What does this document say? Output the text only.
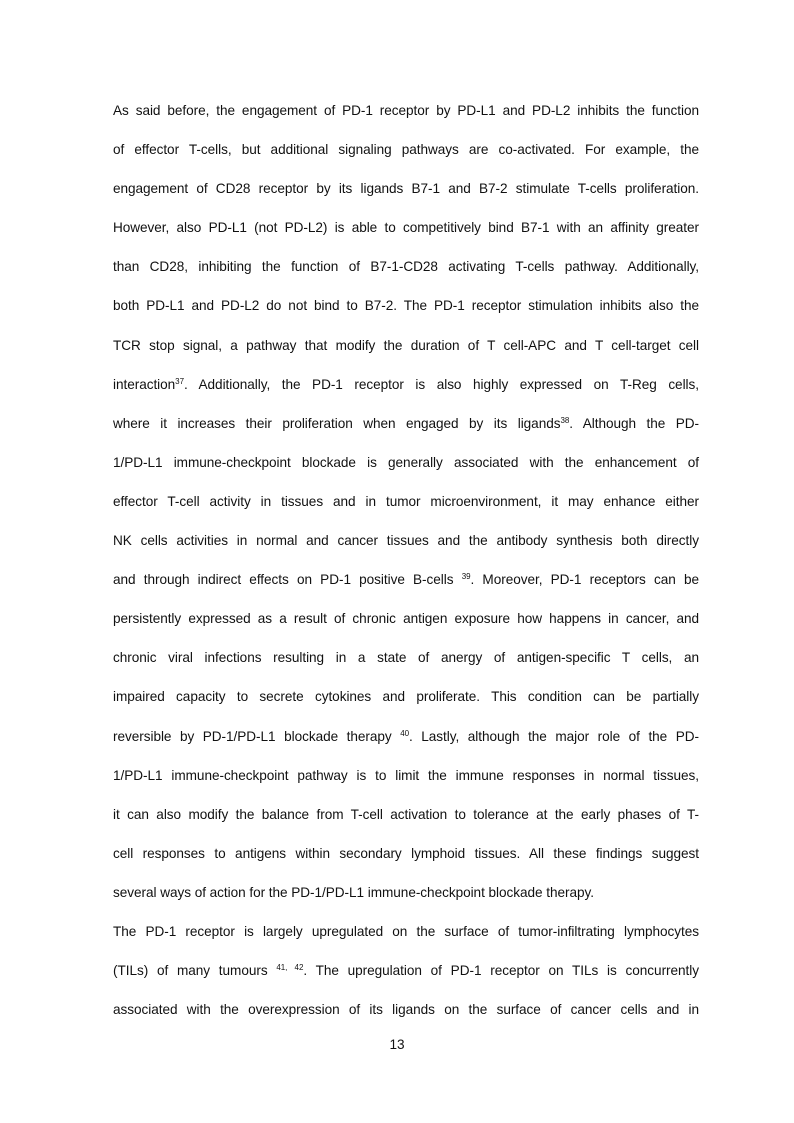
As said before, the engagement of PD-1 receptor by PD-L1 and PD-L2 inhibits the function
of effector T-cells, but additional signaling pathways are co-activated. For example, the
engagement of CD28 receptor by its ligands B7-1 and B7-2 stimulate T-cells proliferation.
However, also PD-L1 (not PD-L2) is able to competitively bind B7-1 with an affinity greater
than CD28, inhibiting the function of B7-1-CD28 activating T-cells pathway. Additionally,
both PD-L1 and PD-L2 do not bind to B7-2. The PD-1 receptor stimulation inhibits also the
TCR stop signal, a pathway that modify the duration of T cell-APC and T cell-target cell
interaction$^{37}$. Additionally, the PD-1 receptor is also highly expressed on T-Reg cells,
where it increases their proliferation when engaged by its ligands$^{38}$. Although the PD-
1/PD-L1 immune-checkpoint blockade is generally associated with the enhancement of
effector T-cell activity in tissues and in tumor microenvironment, it may enhance either
NK cells activities in normal and cancer tissues and the antibody synthesis both directly
and through indirect effects on PD-1 positive B-cells $^{39}$. Moreover, PD-1 receptors can be
persistently expressed as a result of chronic antigen exposure how happens in cancer, and
chronic viral infections resulting in a state of anergy of antigen-specific T cells, an
impaired capacity to secrete cytokines and proliferate. This condition can be partially
reversible by PD-1/PD-L1 blockade therapy $^{40}$. Lastly, although the major role of the PD-
1/PD-L1 immune-checkpoint pathway is to limit the immune responses in normal tissues,
it can also modify the balance from T-cell activation to tolerance at the early phases of T-
cell responses to antigens within secondary lymphoid tissues. All these findings suggest
several ways of action for the PD-1/PD-L1 immune-checkpoint blockade therapy.

The PD-1 receptor is largely upregulated on the surface of tumor-infiltrating lymphocytes
(TILs) of many tumours $^{41, 42}$. The upregulation of PD-1 receptor on TILs is concurrently
associated with the overexpression of its ligands on the surface of cancer cells and in

13
